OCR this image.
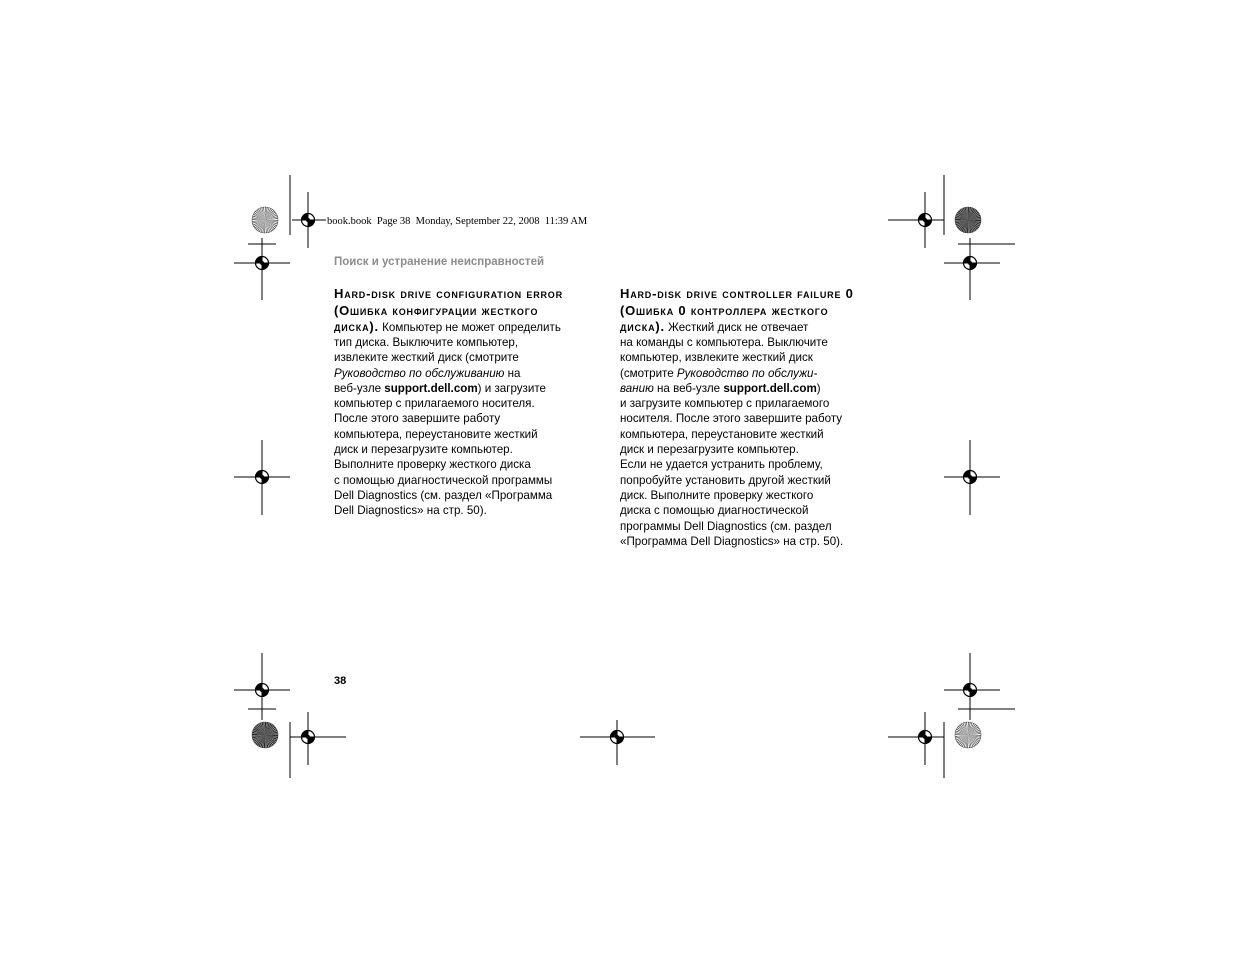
book.book  Page 38  Monday, September 22, 2008  11:39 AM
Поиск и устранение неисправностей
Hard-disk drive configuration error
(Ошибка конфигурации жесткого
диска). Компьютер не может определить
тип диска. Выключите компьютер,
извлеките жесткий диск (смотрите
Руководство по обслуживанию на
веб-узле support.dell.com) и загрузите
компьютер с прилагаемого носителя.
После этого завершите работу
компьютера, переустановите жесткий
диск и перезагрузите компьютер.
Выполните проверку жесткого диска
с помощью диагностической программы
Dell Diagnostics (см. раздел «Программа
Dell Diagnostics» на стр. 50).
Hard-disk drive controller failure 0
(Ошибка 0 контроллера жесткого
диска). Жесткий диск не отвечает
на команды с компьютера. Выключите
компьютер, извлеките жесткий диск
(смотрите Руководство по обслужи-
ванию на веб-узле support.dell.com)
и загрузите компьютер с прилагаемого
носителя. После этого завершите работу
компьютера, переустановите жесткий
диск и перезагрузите компьютер.
Если не удается устранить проблему,
попробуйте установить другой жесткий
диск. Выполните проверку жесткого
диска с помощью диагностической
программы Dell Diagnostics (см. раздел
«Программа Dell Diagnostics» на стр. 50).
38
